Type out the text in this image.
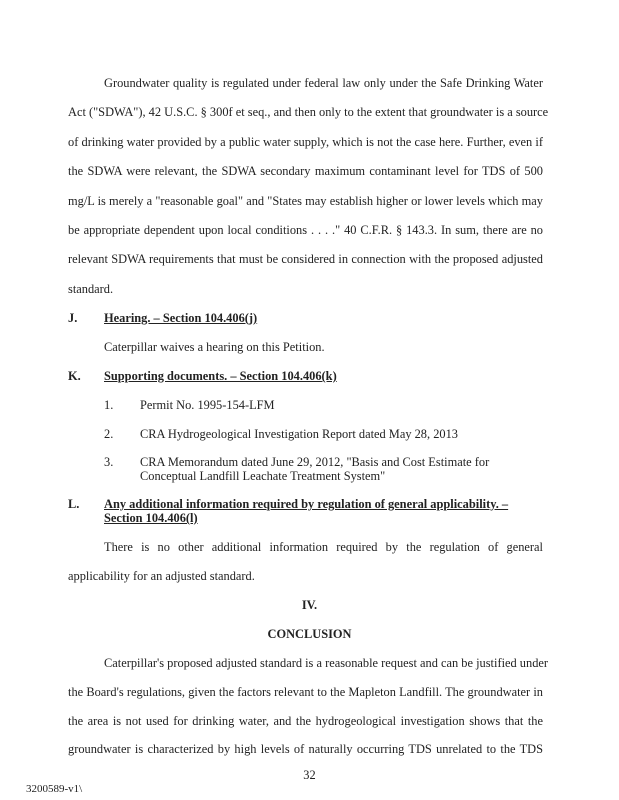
Groundwater quality is regulated under federal law only under the Safe Drinking Water
Act ("SDWA"), 42 U.S.C. § 300f et seq., and then only to the extent that groundwater is a source
of drinking water provided by a public water supply, which is not the case here. Further, even if
the SDWA were relevant, the SDWA secondary maximum contaminant level for TDS of 500
mg/L is merely a "reasonable goal" and "States may establish higher or lower levels which may
be appropriate dependent upon local conditions . . . ." 40 C.F.R. § 143.3. In sum, there are no
relevant SDWA requirements that must be considered in connection with the proposed adjusted
standard.
J. Hearing. – Section 104.406(j)
Caterpillar waives a hearing on this Petition.
K. Supporting documents. – Section 104.406(k)
1. Permit No. 1995-154-LFM
2. CRA Hydrogeological Investigation Report dated May 28, 2013
3. CRA Memorandum dated June 29, 2012, "Basis and Cost Estimate for
Conceptual Landfill Leachate Treatment System"
L. Any additional information required by regulation of general applicability. –
Section 104.406(l)
There is no other additional information required by the regulation of general
applicability for an adjusted standard.
IV.
CONCLUSION
Caterpillar's proposed adjusted standard is a reasonable request and can be justified under
the Board's regulations, given the factors relevant to the Mapleton Landfill. The groundwater in
the area is not used for drinking water, and the hydrogeological investigation shows that the
groundwater is characterized by high levels of naturally occurring TDS unrelated to the TDS
32
3200589-v1\
